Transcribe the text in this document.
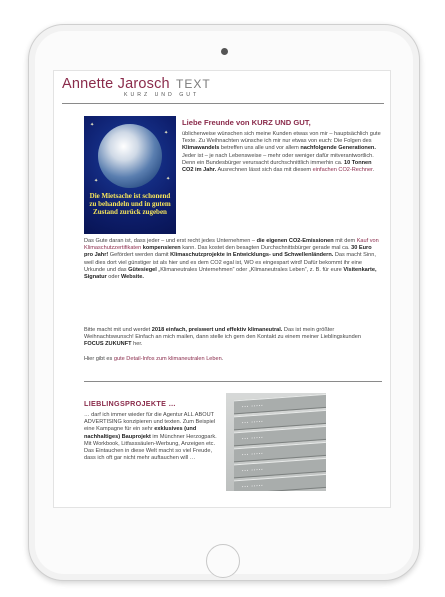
Annette Jarosch TEXT
KURZ UND GUT
✦
✦
✦	✦
Die Mietsache ist schonend zu behandeln und in gutem Zustand zurück zugeben
Liebe Freunde von KURZ UND GUT,

üblicherweise wünschen sich meine Kunden etwas von mir – hauptsächlich gute Texte. Zu Weihnachten wünsche ich mir nur etwas von euch: Die Folgen des Klimawandels betreffen uns alle und vor allem nachfolgende Generationen. Jeder ist – je nach Lebensweise – mehr oder weniger dafür mitverantwortlich. Denn ein Bundesbürger verursacht durchschnittlich immerhin ca. 10 Tonnen CO2 im Jahr. Ausrechnen lässt sich das mit diesem einfachen CO2-Rechner.

Das Gute daran ist, dass jeder – und erst recht jedes Unternehmen – die eigenen CO2-Emissionen mit dem Kauf von Klimaschutzzertifikaten kompensieren kann. Das kostet den besagten Durchschnittsbürger gerade mal ca. 30 Euro pro Jahr! Gefördert werden damit Klimaschutzprojekte in Entwicklungs- und Schwellenländern. Das macht Sinn, weil dies dort viel günstiger ist als hier und es dem CO2 egal ist, WO es eingespart wird! Dafür bekommt ihr eine Urkunde und das Gütesiegel „Klimaneutrales Unternehmen“ oder „Klimaneutrales Leben“, z. B. für eure Visitenkarte, Signatur oder Website.

Bitte macht mit und werdet 2018 einfach, preiswert und effektiv klimaneutral. Das ist mein größter Weihnachtswunsch! Einfach an mich mailen, dann stelle ich gern den Kontakt zu einem meiner Lieblingskunden FOCUS ZUKUNFT her.

Hier gibt es gute Detail-Infos zum klimaneutralen Leben.

LIEBLINGSPROJEKTE …

… darf ich immer wieder für die Agentur ALL ABOUT ADVERTISING konzipieren und texten. Zum Beispiel eine Kampagne für ein sehr exklusives (und nachhaltiges) Bauprojekt im Münchner Herzogpark. Mit Workbook, Litfasssäulen-Werbung, Anzeigen etc. Das Eintauchen in diese Welt macht so viel Freude, dass ich oft gar nicht mehr auftauchen will …

▪▪▪ ▪▪▪▪▪
▪▪▪ ▪▪▪▪▪
▪▪▪ ▪▪▪▪▪
▪▪▪ ▪▪▪▪▪
▪▪▪ ▪▪▪▪▪
▪▪▪ ▪▪▪▪▪
